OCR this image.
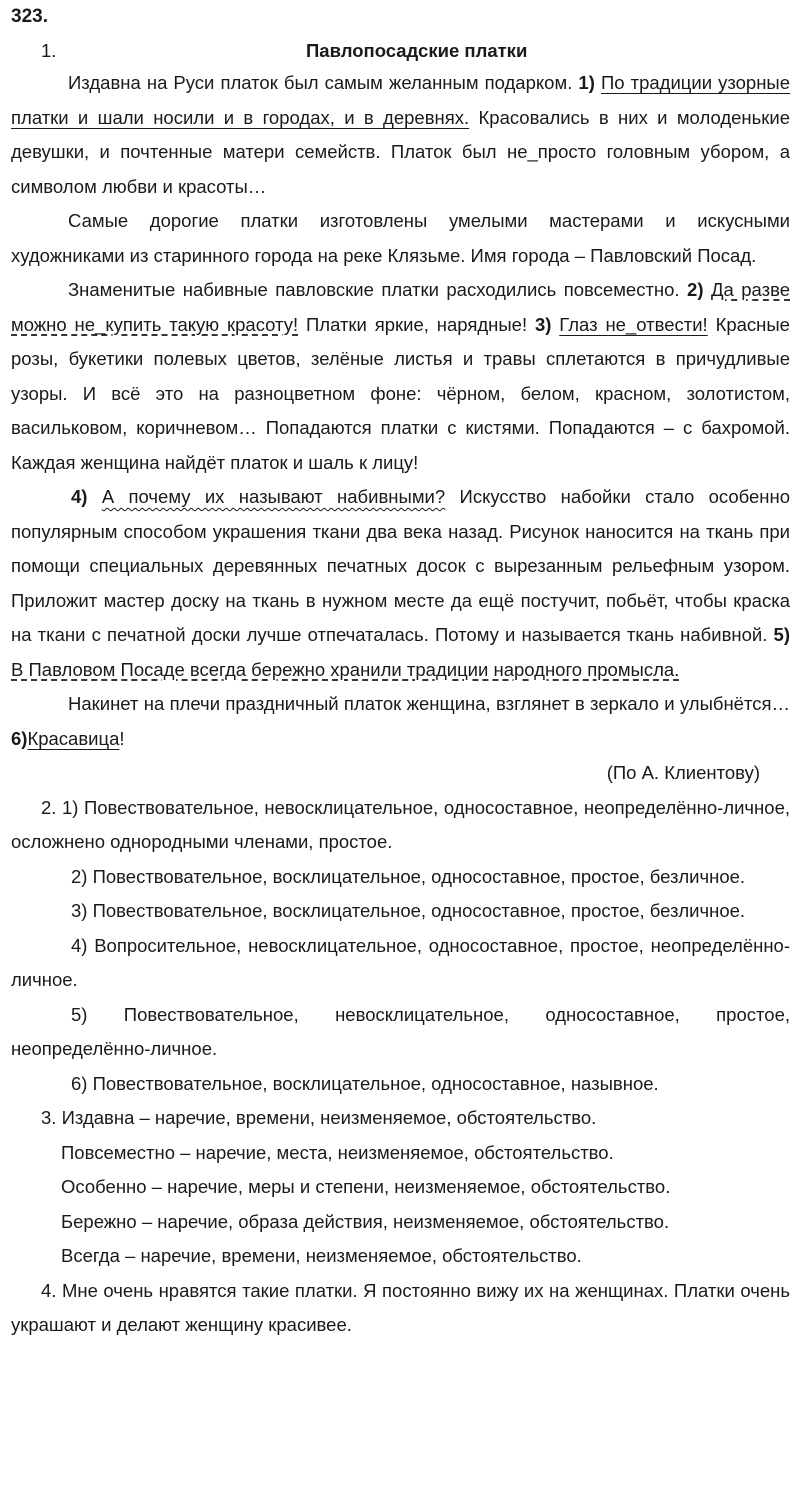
323.
1.	Павлопосадские платки

Издавна на Руси платок был самым желанным подарком. 1) По традиции узорные платки и шали носили и в городах, и в деревнях. Красовались в них и молоденькие девушки, и почтенные матери семейств. Платок был не_просто головным убором, а символом любви и красоты…

Самые дорогие платки изготовлены умелыми мастерами и искусными художниками из старинного города на реке Клязьме. Имя города – Павловский Посад.

Знаменитые набивные павловские платки расходились повсеместно. 2) Да разве можно не_купить такую красоту! Платки яркие, нарядные! 3) Глаз не_отвести! Красные розы, букетики полевых цветов, зелёные листья и травы сплетаются в причудливые узоры. И всё это на разноцветном фоне: чёрном, белом, красном, золотистом, васильковом, коричневом… Попадаются платки с кистями. Попадаются – с бахромой. Каждая женщина найдёт платок и шаль к лицу!

4) А почему их называют набивными? Искусство набойки стало особенно популярным способом украшения ткани два века назад. Рисунок наносится на ткань при помощи специальных деревянных печатных досок с вырезанным рельефным узором. Приложит мастер доску на ткань в нужном месте да ещё постучит, побьёт, чтобы краска на ткани с печатной доски лучше отпечаталась. Потому и называется ткань набивной. 5) В Павловом Посаде всегда бережно хранили традиции народного промысла.

Накинет на плечи праздничный платок женщина, взглянет в зеркало и улыбнётся… 6)Красавица!

(По А. Клиентову)

2. 1) Повествовательное, невосклицательное, односоставное, неопределённо-личное, осложнено однородными членами, простое.

2) Повествовательное, восклицательное, односоставное, простое, безличное.

3) Повествовательное, восклицательное, односоставное, простое, безличное.

4) Вопросительное, невосклицательное, односоставное, простое, неопределённо-личное.

5) Повествовательное, невосклицательное, односоставное, простое, неопределённо-личное.

6) Повествовательное, восклицательное, односоставное, назывное.

3. Издавна – наречие, времени, неизменяемое, обстоятельство.

Повсеместно – наречие, места, неизменяемое, обстоятельство.

Особенно – наречие, меры и степени, неизменяемое, обстоятельство.

Бережно – наречие, образа действия, неизменяемое, обстоятельство.

Всегда – наречие, времени, неизменяемое, обстоятельство.

4. Мне очень нравятся такие платки. Я постоянно вижу их на женщинах. Платки очень украшают и делают женщину красивее.
